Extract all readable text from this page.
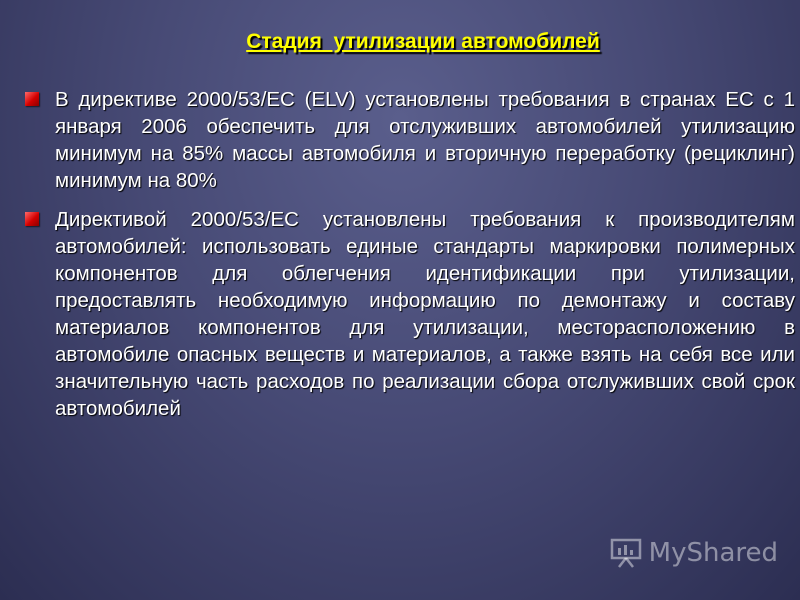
Стадия  утилизации автомобилей
В директиве 2000/53/ЕС (ELV) установлены требования в странах ЕС с 1 января 2006 обеспечить для отслуживших автомобилей утилизацию минимум на 85% массы автомобиля и вторичную переработку (рециклинг) минимум на 80%
Директивой 2000/53/ЕС установлены требования к производителям автомобилей: использовать единые стандарты маркировки полимерных компонентов для облегчения идентификации при утилизации, предоставлять необходимую информацию по демонтажу и составу материалов компонентов для утилизации, месторасположению в автомобиле опасных веществ и материалов, а также взять на себя все или значительную часть расходов по реализации сбора отслуживших свой срок автомобилей
MyShared
